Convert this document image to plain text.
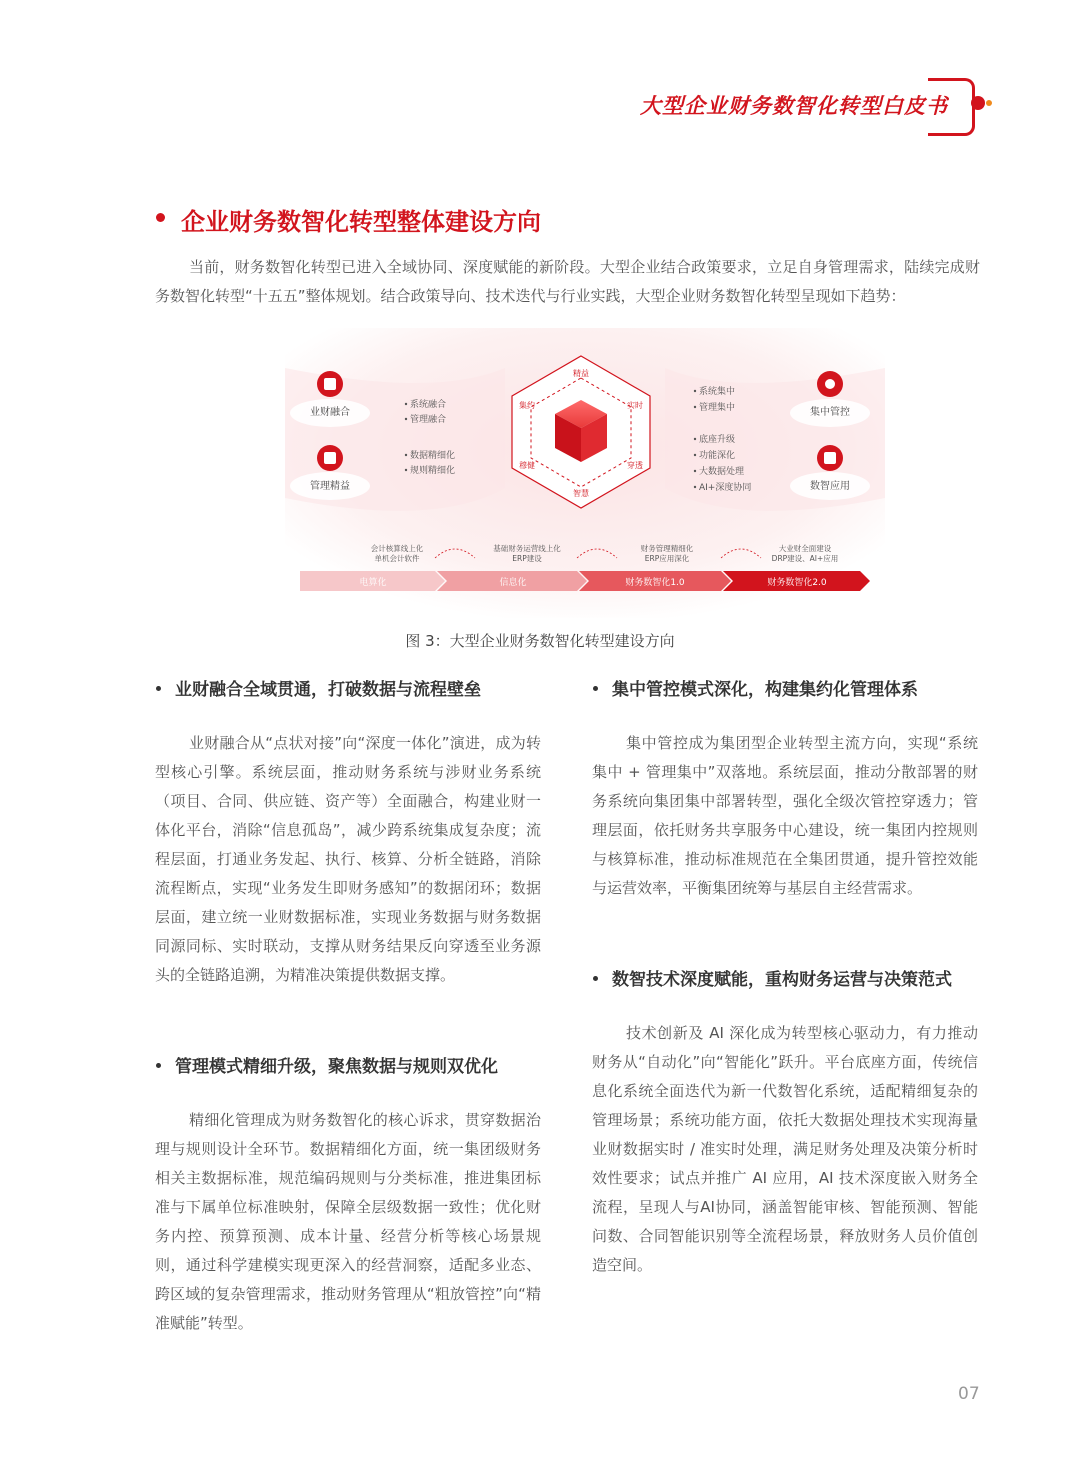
大型企业财务数智化转型白皮书
企业财务数智化转型整体建设方向
当前，财务数智化转型已进入全域协同、深度赋能的新阶段。大型企业结合政策要求，立足自身管理需求，陆续完成财务数智化转型“十五五”整体规划。结合政策导向、技术迭代与行业实践，大型企业财务数智化转型呈现如下趋势：
业财融合
管理精益
集中管控
数智应用
系统融合
管理融合
数据精细化
规则精细化
系统集中
管理集中
底座升级
功能深化
大数据处理
AI+深度协同
精益
集约	实时
穆健	穿透
智慧
电算化	信息化	财务数智化1.0	财务数智化2.0
会计核算线上化
单机会计软件
基础财务运营线上化
ERP建设
财务管理精细化
ERP应用深化
大业财全面建设
DRP建设、AI+应用
图 3：大型企业财务数智化转型建设方向
业财融合全域贯通，打破数据与流程壁垒
业财融合从“点状对接”向“深度一体化”演进，成为转型核心引擎。系统层面，推动财务系统与涉财业务系统（项目、合同、供应链、资产等）全面融合，构建业财一体化平台，消除“信息孤岛”，减少跨系统集成复杂度；流程层面，打通业务发起、执行、核算、分析全链路，消除流程断点，实现“业务发生即财务感知”的数据闭环；数据层面，建立统一业财数据标准，实现业务数据与财务数据同源同标、实时联动，支撑从财务结果反向穿透至业务源头的全链路追溯，为精准决策提供数据支撑。
管理模式精细升级，聚焦数据与规则双优化
精细化管理成为财务数智化的核心诉求，贯穿数据治理与规则设计全环节。数据精细化方面，统一集团级财务相关主数据标准，规范编码规则与分类标准，推进集团标准与下属单位标准映射，保障全层级数据一致性；优化财务内控、预算预测、成本计量、经营分析等核心场景规则，通过科学建模实现更深入的经营洞察，适配多业态、跨区域的复杂管理需求，推动财务管理从“粗放管控”向“精准赋能”转型。
集中管控模式深化，构建集约化管理体系
集中管控成为集团型企业转型主流方向，实现“系统集中 + 管理集中”双落地。系统层面，推动分散部署的财务系统向集团集中部署转型，强化全级次管控穿透力；管理层面，依托财务共享服务中心建设，统一集团内控规则与核算标准，推动标准规范在全集团贯通，提升管控效能与运营效率，平衡集团统筹与基层自主经营需求。
数智技术深度赋能，重构财务运营与决策范式
技术创新及 AI 深化成为转型核心驱动力，有力推动财务从“自动化”向“智能化”跃升。平台底座方面，传统信息化系统全面迭代为新一代数智化系统，适配精细复杂的管理场景；系统功能方面，依托大数据处理技术实现海量业财数据实时 / 准实时处理，满足财务处理及决策分析时效性要求；试点并推广 AI 应用，AI 技术深度嵌入财务全流程，呈现人与AI协同，涵盖智能审核、智能预测、智能问数、合同智能识别等全流程场景，释放财务人员价值创造空间。
07
